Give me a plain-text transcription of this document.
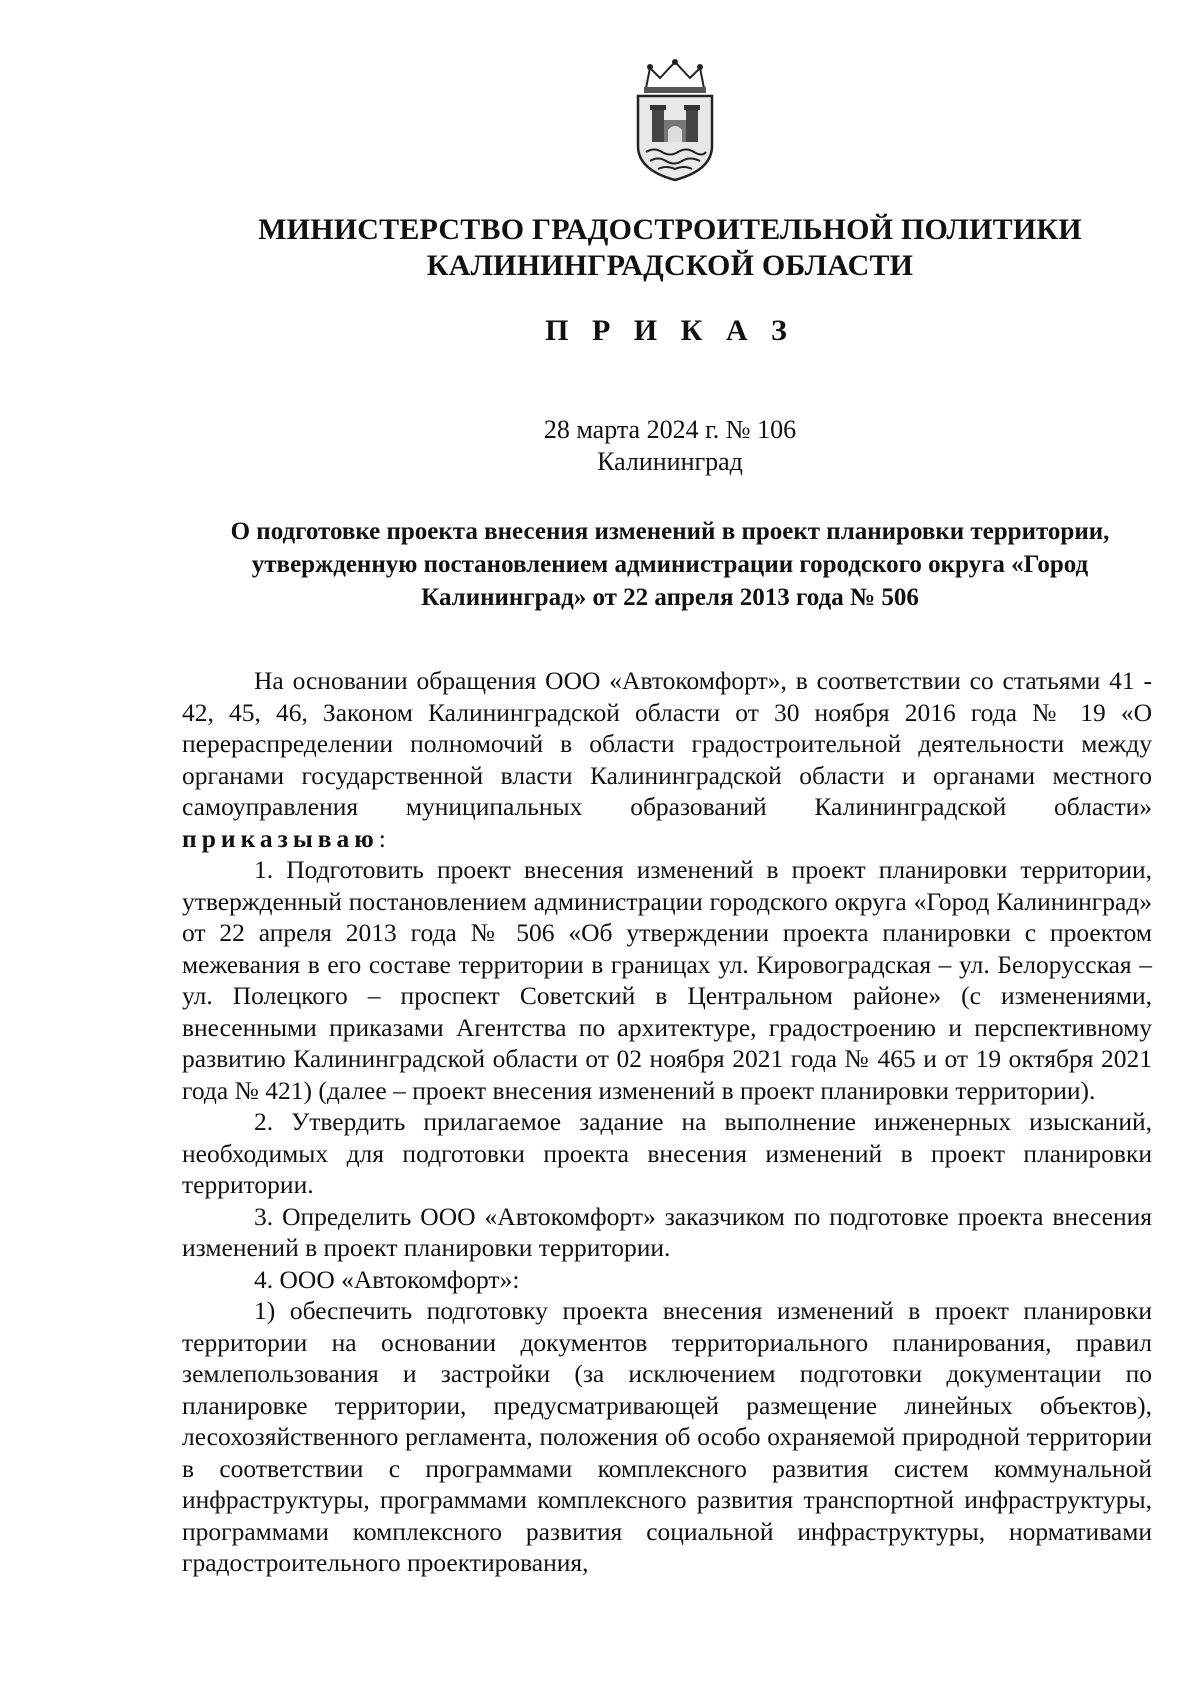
МИНИСТЕРСТВО ГРАДОСТРОИТЕЛЬНОЙ ПОЛИТИКИ
КАЛИНИНГРАДСКОЙ ОБЛАСТИ
П Р И К А З
28 марта 2024 г. № 106
Калининград
О подготовке проекта внесения изменений в проект планировки территории, утвержденную постановлением администрации городского округа «Город Калининград» от 22 апреля 2013 года № 506

На основании обращения ООО «Автокомфорт», в соответствии со статьями 41 - 42, 45, 46, Законом Калининградской области от 30 ноября 2016 года № 19 «О перераспределении полномочий в области градостроительной деятельности между органами государственной власти Калининградской области и органами местного самоуправления муниципальных образований Калининградской области» приказываю:

1. Подготовить проект внесения изменений в проект планировки территории, утвержденный постановлением администрации городского округа «Город Калининград» от 22 апреля 2013 года № 506 «Об утверждении проекта планировки с проектом межевания в его составе территории в границах ул. Кировоградская – ул. Белорусская – ул. Полецкого – проспект Советский в Центральном районе» (с изменениями, внесенными приказами Агентства по архитектуре, градостроению и перспективному развитию Калининградской области от 02 ноября 2021 года № 465 и от 19 октября 2021 года № 421) (далее – проект внесения изменений в проект планировки территории).

2. Утвердить прилагаемое задание на выполнение инженерных изысканий, необходимых для подготовки проекта внесения изменений в проект планировки территории.

3. Определить ООО «Автокомфорт» заказчиком по подготовке проекта внесения изменений в проект планировки территории.

4. ООО «Автокомфорт»:

1) обеспечить подготовку проекта внесения изменений в проект планировки территории на основании документов территориального планирования, правил землепользования и застройки (за исключением подготовки документации по планировке территории, предусматривающей размещение линейных объектов), лесохозяйственного регламента, положения об особо охраняемой природной территории в соответствии с программами комплексного развития систем коммунальной инфраструктуры, программами комплексного развития транспортной инфраструктуры, программами комплексного развития социальной инфраструктуры, нормативами градостроительного проектирования,
